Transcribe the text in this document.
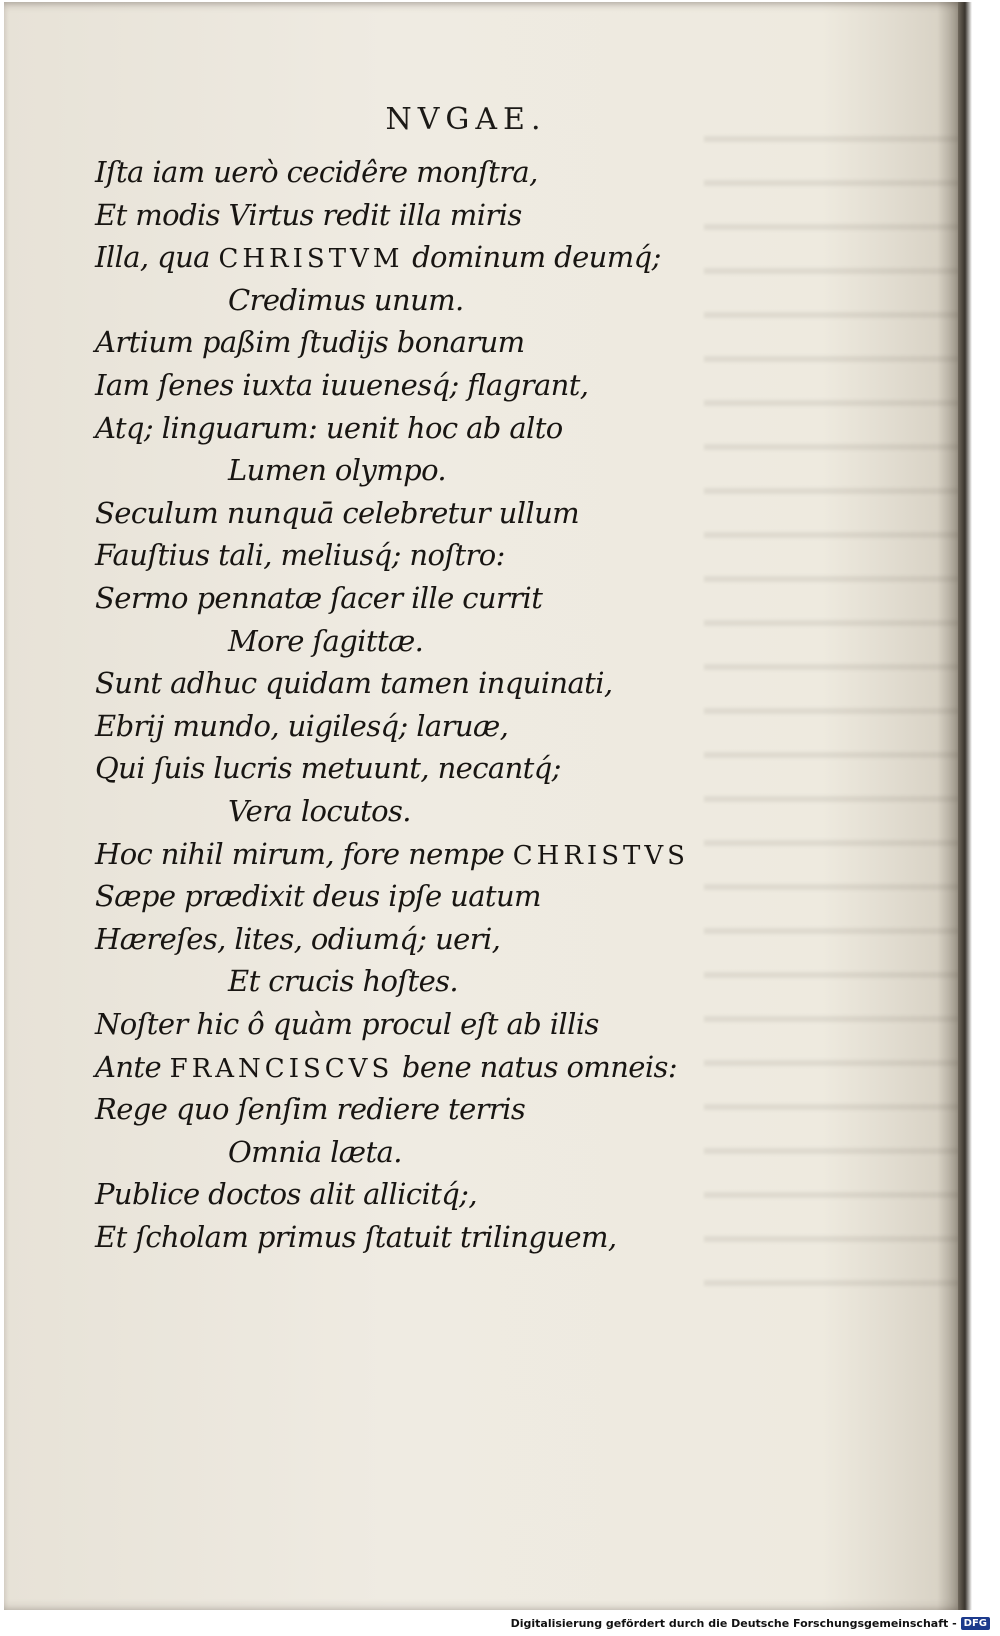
NVGAE.
Iſta iam uerò cecidêre monſtra,
Et modis Virtus redit illa miris
Illa, qua CHRISTVM dominum deumq́;
Credimus unum.
Artium paßim ſtudijs bonarum
Iam ſenes iuxta iuuenesq́; flagrant,
Atq; linguarum: uenit hoc ab alto
Lumen olympo.
Seculum nunquā celebretur ullum
Fauſtius tali, meliusq́; noſtro:
Sermo pennatæ ſacer ille currit
More ſagittæ.
Sunt adhuc quidam tamen inquinati,
Ebrij mundo, uigilesq́; laruæ,
Qui ſuis lucris metuunt, necantq́;
Vera locutos.
Hoc nihil mirum, fore nempe CHRISTVS
Sæpe prædixit deus ipſe uatum
Hæreſes, lites, odiumq́; ueri,
Et crucis hoſtes.
Noſter hic ô quàm procul eſt ab illis
Ante FRANCISCVS bene natus omneis:
Rege quo ſenſim rediere terris
Omnia læta.
Publice doctos alit allicitq́;,
Et ſcholam primus ſtatuit trilinguem,
Digitalisierung gefördert durch die Deutsche Forschungsgemeinschaft - DFG
